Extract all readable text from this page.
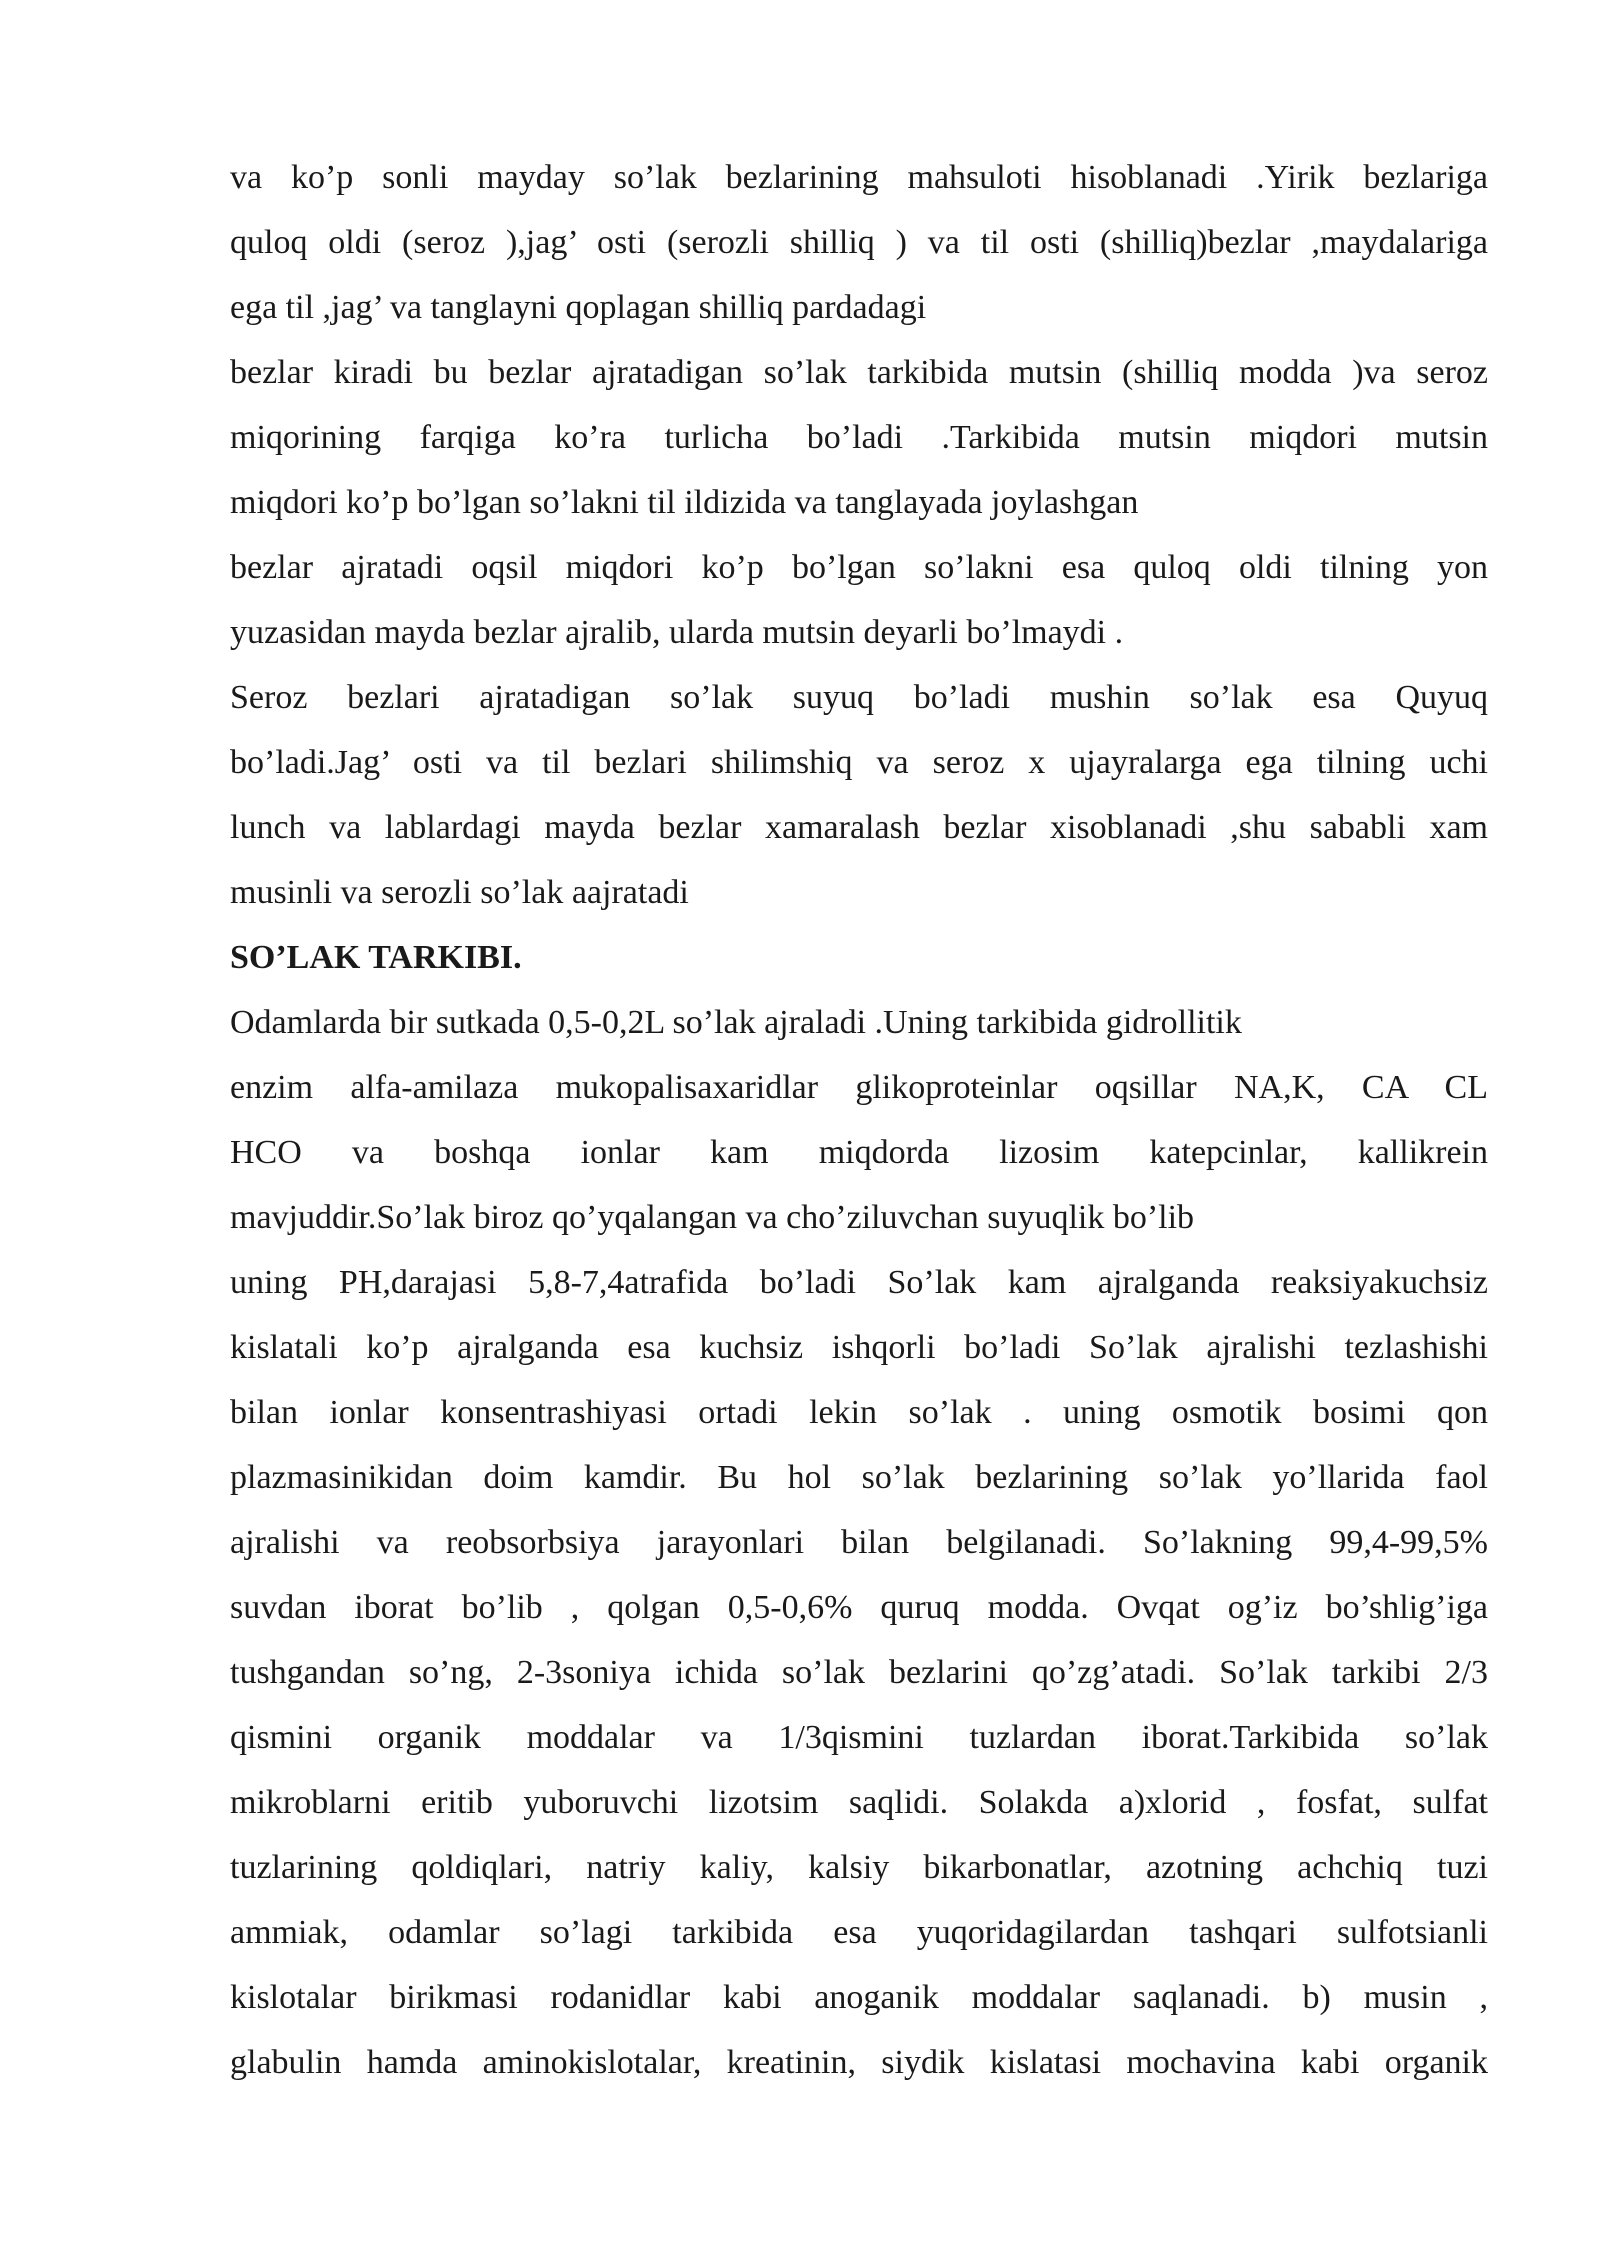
va ko’p sonli mayday so’lak bezlarining mahsuloti hisoblanadi .Yirik bezlariga
quloq oldi (seroz ),jag’ osti (serozli shilliq ) va til osti (shilliq)bezlar ,maydalariga
ega til ,jag’ va tanglayni qoplagan shilliq pardadagi
bezlar kiradi bu bezlar ajratadigan so’lak tarkibida mutsin (shilliq modda )va seroz
miqorining farqiga ko’ra turlicha bo’ladi .Tarkibida mutsin miqdori mutsin
miqdori ko’p bo’lgan so’lakni til ildizida va tanglayada joylashgan
bezlar ajratadi oqsil miqdori ko’p bo’lgan so’lakni esa quloq oldi tilning yon
yuzasidan mayda bezlar ajralib, ularda mutsin deyarli bo’lmaydi .
Seroz bezlari ajratadigan so’lak suyuq bo’ladi mushin so’lak esa Quyuq
bo’ladi.Jag’ osti va til bezlari shilimshiq va seroz x ujayralarga ega tilning uchi
lunch va lablardagi mayda bezlar xamaralash bezlar xisoblanadi ,shu sababli xam
musinli va serozli so’lak aajratadi
SO’LAK TARKIBI.
Odamlarda bir sutkada 0,5-0,2L so’lak ajraladi .Uning tarkibida gidrollitik
enzim alfa-amilaza mukopalisaxaridlar glikoproteinlar oqsillar NA,K, CA CL
HCO va boshqa ionlar kam miqdorda lizosim katepcinlar, kallikrein
mavjuddir.So’lak biroz qo’yqalangan va cho’ziluvchan suyuqlik bo’lib
uning PH,darajasi 5,8-7,4atrafida bo’ladi So’lak kam ajralganda reaksiyakuchsiz
kislatali ko’p ajralganda esa kuchsiz ishqorli bo’ladi So’lak ajralishi tezlashishi
bilan ionlar konsentrashiyasi ortadi lekin so’lak . uning osmotik bosimi qon
plazmasinikidan doim kamdir. Bu hol so’lak bezlarining so’lak yo’llarida faol
ajralishi va reobsorbsiya jarayonlari bilan belgilanadi. So’lakning 99,4-99,5%
suvdan iborat bo’lib , qolgan 0,5-0,6% quruq modda. Ovqat og’iz bo’shlig’iga
tushgandan so’ng, 2-3soniya ichida so’lak bezlarini qo’zg’atadi. So’lak tarkibi 2/3
qismini organik moddalar va 1/3qismini tuzlardan iborat.Tarkibida so’lak
mikroblarni eritib yuboruvchi lizotsim saqlidi. Solakda a)xlorid , fosfat, sulfat
tuzlarining qoldiqlari, natriy kaliy, kalsiy bikarbonatlar, azotning achchiq tuzi
ammiak, odamlar so’lagi tarkibida esa yuqoridagilardan tashqari sulfotsianli
kislotalar birikmasi rodanidlar kabi anoganik moddalar saqlanadi. b) musin ,
glabulin hamda aminokislotalar, kreatinin, siydik kislatasi mochavina kabi organik
